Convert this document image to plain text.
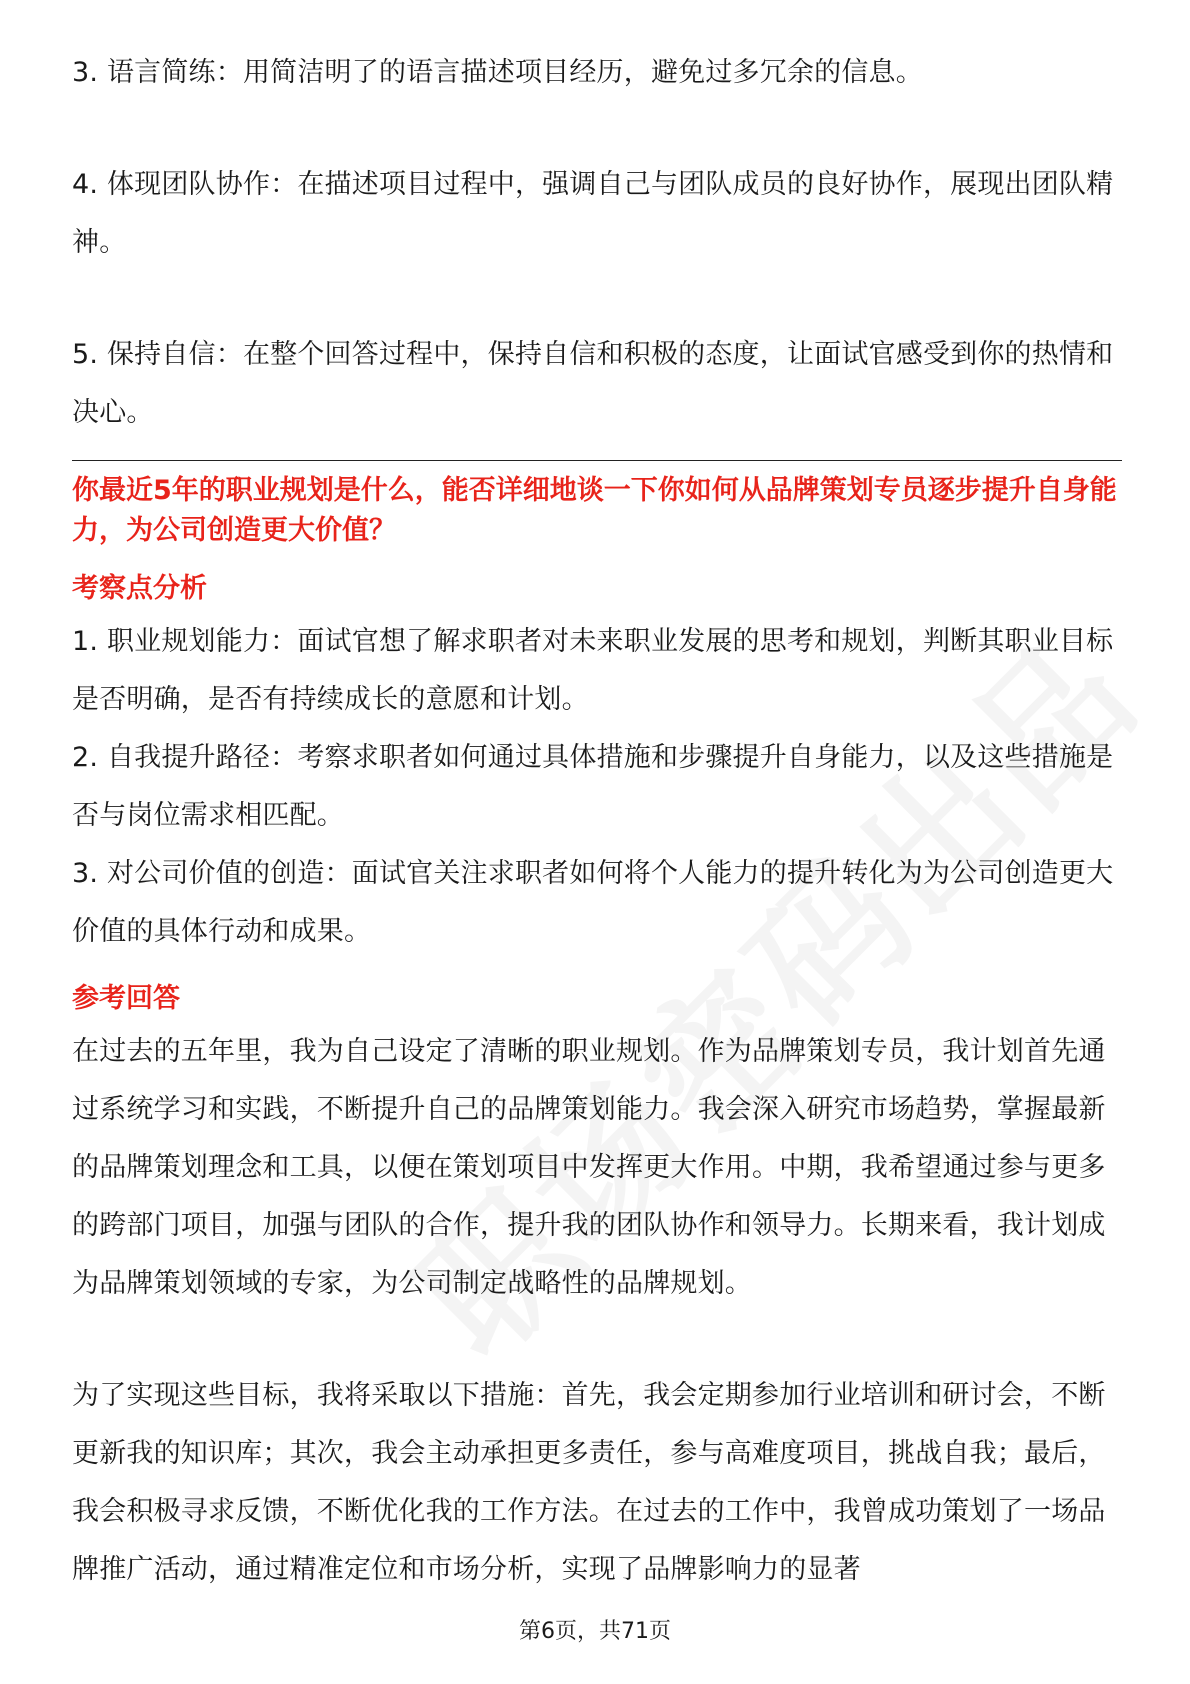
3. 语言简练：用简洁明了的语言描述项目经历，避免过多冗余的信息。

4. 体现团队协作：在描述项目过程中，强调自己与团队成员的良好协作，展现出团队精神。

5. 保持自信：在整个回答过程中，保持自信和积极的态度，让面试官感受到你的热情和决心。

你最近5年的职业规划是什么，能否详细地谈一下你如何从品牌策划专员逐步提升自身能力，为公司创造更大价值？

考察点分析

1. 职业规划能力：面试官想了解求职者对未来职业发展的思考和规划，判断其职业目标是否明确，是否有持续成长的意愿和计划。

2. 自我提升路径：考察求职者如何通过具体措施和步骤提升自身能力，以及这些措施是否与岗位需求相匹配。

3. 对公司价值的创造：面试官关注求职者如何将个人能力的提升转化为为公司创造更大价值的具体行动和成果。

参考回答

在过去的五年里，我为自己设定了清晰的职业规划。作为品牌策划专员，我计划首先通过系统学习和实践，不断提升自己的品牌策划能力。我会深入研究市场趋势，掌握最新的品牌策划理念和工具，以便在策划项目中发挥更大作用。中期，我希望通过参与更多的跨部门项目，加强与团队的合作，提升我的团队协作和领导力。长期来看，我计划成为品牌策划领域的专家，为公司制定战略性的品牌规划。

为了实现这些目标，我将采取以下措施：首先，我会定期参加行业培训和研讨会，不断更新我的知识库；其次，我会主动承担更多责任，参与高难度项目，挑战自我；最后，我会积极寻求反馈，不断优化我的工作方法。在过去的工作中，我曾成功策划了一场品牌推广活动，通过精准定位和市场分析，实现了品牌影响力的显著

第6页，共71页
